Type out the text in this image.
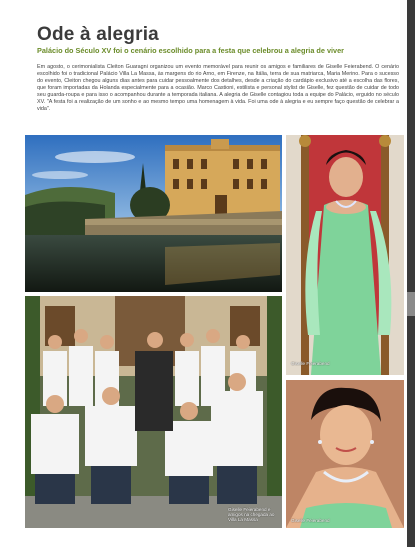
Ode à alegria
Palácio do Século XV foi o cenário escolhido para a festa que celebrou a alegria de viver

Em agosto, o cerimonialista Cleiton Guaragni organizou um evento memorável para reunir os amigos e familiares de Giselle Feierabend. O cenário escolhido foi o tradicional Palácio Villa La Massa, às margens do rio Arno, em Firenze, na Itália, terra de sua matriarca, Maria Merino. Para o sucesso do evento, Cleiton chegou alguns dias antes para cuidar pessoalmente dos detalhes, desde a criação do cardápio exclusivo até a escolha das flores, que foram importadas da Holanda especialmente para a ocasião. Marco Castioni, estilista e personal stylist de Giselle, fez questão de cuidar de todo seu guarda-roupa e para isso o acompanhou durante a temporada italiana. A alegria de Giselle contagiou toda a equipe do Palácio, erguido no século XV. "A festa foi a realização de um sonho e ao mesmo tempo uma homenagem à vida. Foi uma ode à alegria e eu sempre faço questão de celebrar a vida".

Giselle Feierabend
Giselle Feierabend e amigos na chegada ao Villa La Massa	Giselle Feierabend
